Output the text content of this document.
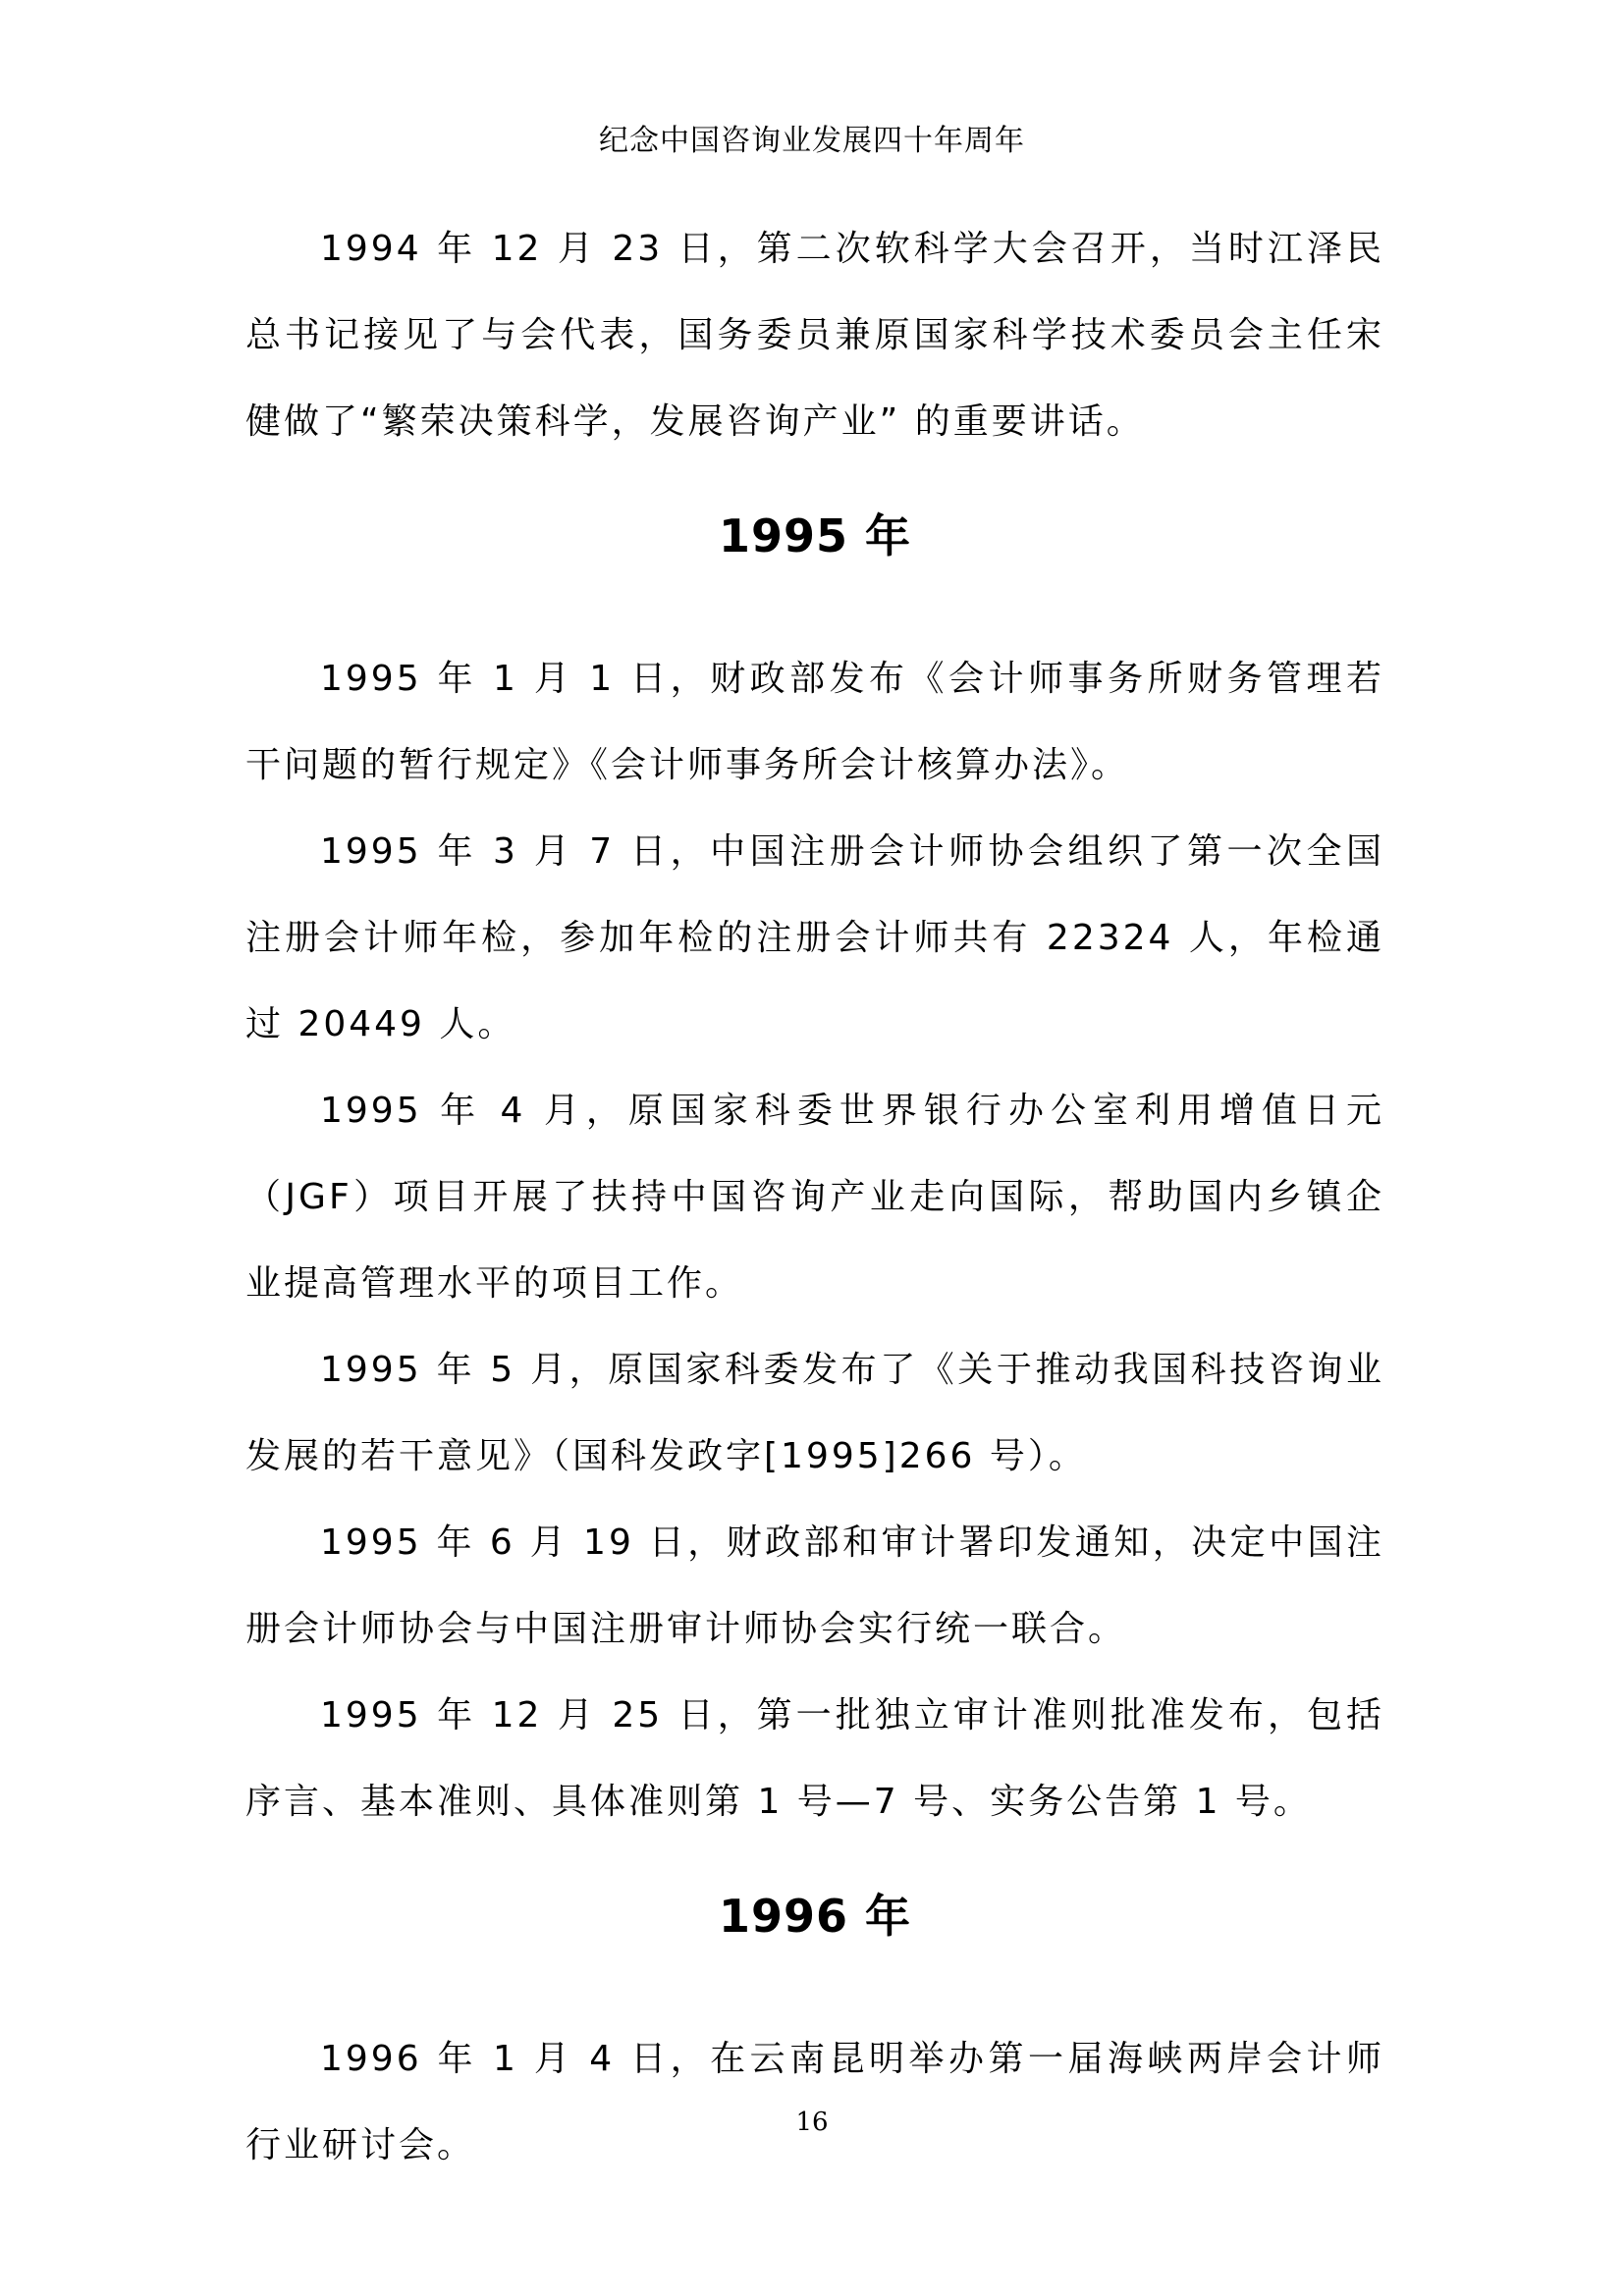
纪念中国咨询业发展四十年周年

1994 年 12 月 23 日，第二次软科学大会召开，当时江泽民总书记接见了与会代表，国务委员兼原国家科学技术委员会主任宋健做了“繁荣决策科学，发展咨询产业” 的重要讲话。

1995 年

1995 年 1 月 1 日，财政部发布《会计师事务所财务管理若干问题的暂行规定》《会计师事务所会计核算办法》。

1995 年 3 月 7 日，中国注册会计师协会组织了第一次全国注册会计师年检，参加年检的注册会计师共有 22324 人，年检通过 20449 人。

1995 年 4 月，原国家科委世界银行办公室利用增值日元（JGF）项目开展了扶持中国咨询产业走向国际，帮助国内乡镇企业提高管理水平的项目工作。

1995 年 5 月，原国家科委发布了《关于推动我国科技咨询业发展的若干意见》（国科发政字[1995]266 号）。

1995 年 6 月 19 日，财政部和审计署印发通知，决定中国注册会计师协会与中国注册审计师协会实行统一联合。

1995 年 12 月 25 日，第一批独立审计准则批准发布，包括序言、基本准则、具体准则第 1 号—7 号、实务公告第 1 号。

1996 年

1996 年 1 月 4 日，在云南昆明举办第一届海峡两岸会计师行业研讨会。

16
